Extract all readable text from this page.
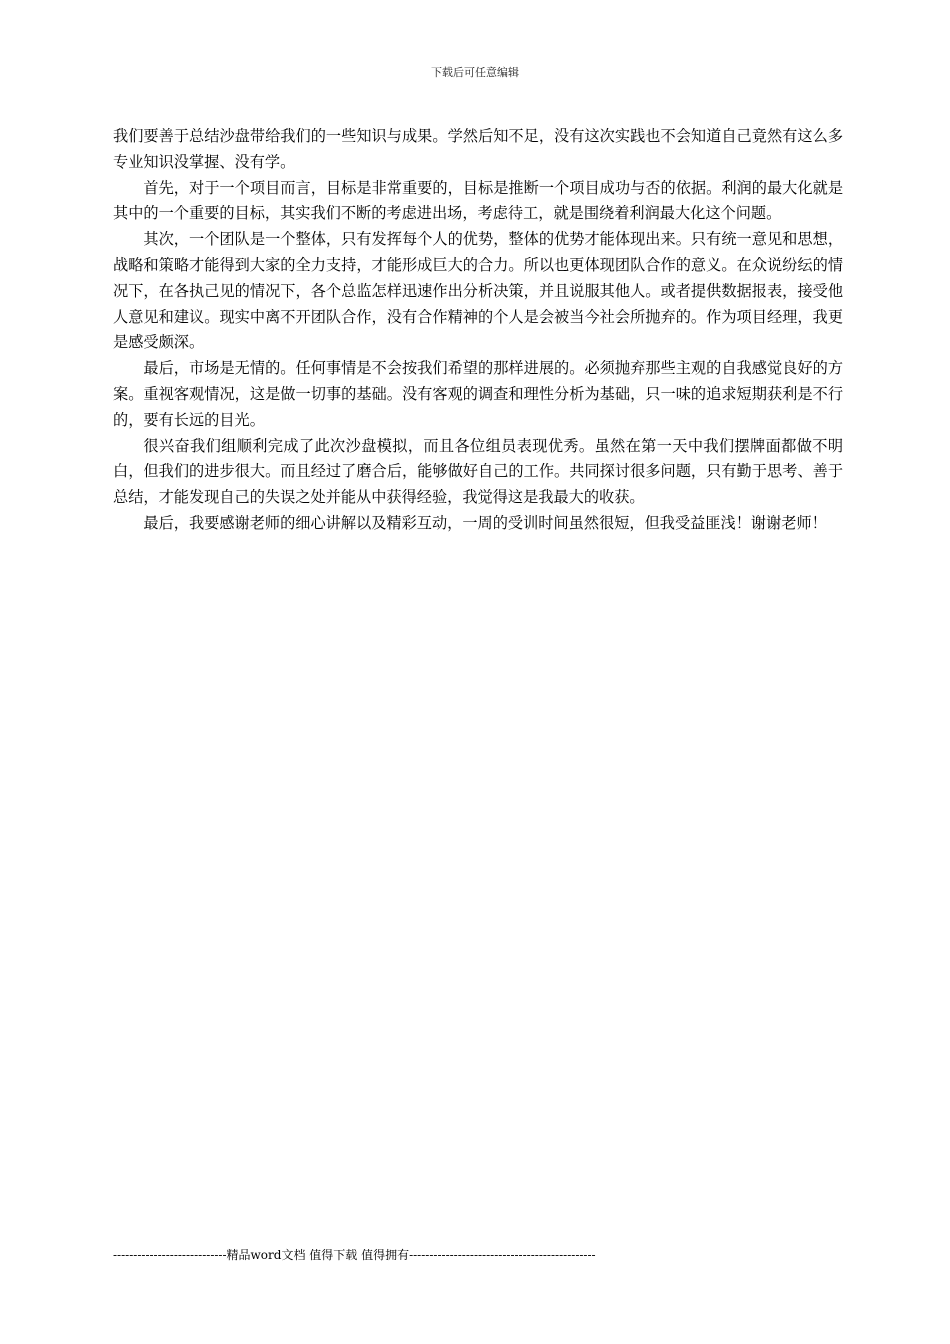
下载后可任意编辑

我们要善于总结沙盘带给我们的一些知识与成果。学然后知不足，没有这次实践也不会知道自己竟然有这么多专业知识没掌握、没有学。

首先，对于一个项目而言，目标是非常重要的，目标是推断一个项目成功与否的依据。利润的最大化就是其中的一个重要的目标，其实我们不断的考虑进出场，考虑待工，就是围绕着利润最大化这个问题。

其次，一个团队是一个整体，只有发挥每个人的优势，整体的优势才能体现出来。只有统一意见和思想，战略和策略才能得到大家的全力支持，才能形成巨大的合力。所以也更体现团队合作的意义。在众说纷纭的情况下，在各执己见的情况下，各个总监怎样迅速作出分析决策，并且说服其他人。或者提供数据报表，接受他人意见和建议。现实中离不开团队合作，没有合作精神的个人是会被当今社会所抛弃的。作为项目经理，我更是感受颇深。

最后，市场是无情的。任何事情是不会按我们希望的那样进展的。必须抛弃那些主观的自我感觉良好的方案。重视客观情况，这是做一切事的基础。没有客观的调查和理性分析为基础，只一味的追求短期获利是不行的，要有长远的目光。

很兴奋我们组顺利完成了此次沙盘模拟，而且各位组员表现优秀。虽然在第一天中我们摆牌面都做不明白，但我们的进步很大。而且经过了磨合后，能够做好自己的工作。共同探讨很多问题，只有勤于思考、善于总结，才能发现自己的失误之处并能从中获得经验，我觉得这是我最大的收获。

最后，我要感谢老师的细心讲解以及精彩互动，一周的受训时间虽然很短，但我受益匪浅！谢谢老师！

----------------------------精品word文档 值得下载 值得拥有----------------------------------------------
